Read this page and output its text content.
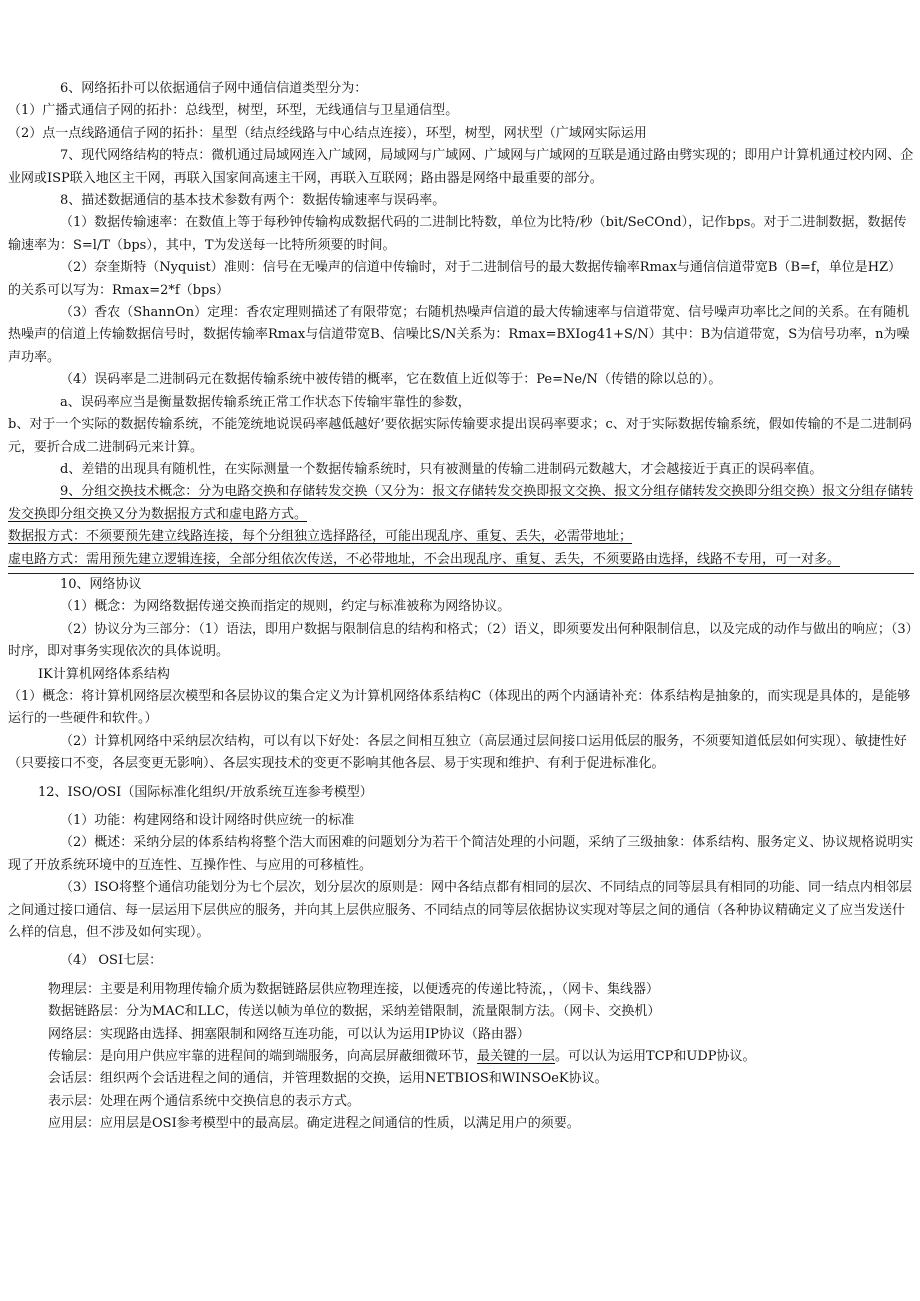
6、网络拓扑可以依据通信子网中通信信道类型分为：

（1）广播式通信子网的拓扑：总线型，树型，环型，无线通信与卫星通信型。

（2）点一点线路通信子网的拓扑：星型（结点经线路与中心结点连接），环型，树型，网状型（广域网实际运用

7、现代网络结构的特点：微机通过局域网连入广域网，局域网与广域网、广域网与广域网的互联是通过路由劈实现的；即用户计算机通过校内网、企业网或ISP联入地区主干网，再联入国家间高速主干网，再联入互联网；路由器是网络中最重要的部分。

8、描述数据通信的基本技术参数有两个：数据传输速率与误码率。

（1）数据传输速率：在数值上等于每秒钟传输构成数据代码的二进制比特数，单位为比特/秒（bit/SeCOnd），记作bps。对于二进制数据，数据传输速率为：S=l/T（bps），其中，T为发送每一比特所须要的时间。

（2）奈奎斯特（Nyquist）准则：信号在无噪声的信道中传输时，对于二进制信号的最大数据传输率Rmax与通信信道带宽B（B=f，单位是HZ）的关系可以写为：Rmax=2*f（bps）

（3）香农（ShannOn）定理：香农定理则描述了有限带宽；右随机热噪声信道的最大传输速率与信道带宽、信号噪声功率比之间的关系。在有随机热噪声的信道上传输数据信号时，数据传输率Rmax与信道带宽B、信噪比S/N关系为：Rmax=BXIog41+S/N）其中：B为信道带宽，S为信号功率，n为噪声功率。

（4）误码率是二进制码元在数据传输系统中被传错的概率，它在数值上近似等于：Pe=Ne/N（传错的除以总的）。

a、误码率应当是衡量数据传输系统正常工作状态下传输牢靠性的参数，

b、对于一个实际的数据传输系统，不能笼统地说误码率越低越好’要依据实际传输要求提出误码率要求；c、对于实际数据传输系统，假如传输的不是二进制码元，要折合成二进制码元来计算。

d、差错的出现具有随机性，在实际测量一个数据传输系统时，只有被测量的传输二进制码元数越大，才会越接近于真正的误码率值。

9、分组交换技术概念：分为电路交换和存储转发交换（又分为：报文存储转发交换即报文交换、报文分组存储转发交换即分组交换）报文分组存储转发交换即分组交换又分为数据报方式和虚电路方式。

数据报方式：不须要预先建立线路连接，每个分组独立选择路径，可能出现乱序、重复、丢失，必需带地址；

虚电路方式：需用预先建立逻辑连接，全部分组依次传送，不必带地址，不会出现乱序、重复、丢失，不须要路由选择，线路不专用，可一对多。

10、网络协议

（1）概念：为网络数据传递交换而指定的规则，约定与标准被称为网络协议。

（2）协议分为三部分：（1）语法，即用户数据与限制信息的结构和格式；（2）语义，即须要发出何种限制信息，以及完成的动作与做出的响应；（3）时序，即对事务实现依次的具体说明。

IK计算机网络体系结构

（1）概念：将计算机网络层次模型和各层协议的集合定义为计算机网络体系结构C（体现出的两个内涵请补充：体系结构是抽象的，而实现是具体的，是能够运行的一些硬件和软件。）

（2）计算机网络中采纳层次结构，可以有以下好处：各层之间相互独立（高层通过层间接口运用低层的服务，不须要知道低层如何实现）、敏捷性好（只要接口不变，各层变更无影响）、各层实现技术的变更不影响其他各层、易于实现和维护、有利于促进标准化。

12、ISO/OSI（国际标准化组织/开放系统互连参考模型）

（1）功能：构建网络和设计网络时供应统一的标准

（2）概述：采纳分层的体系结构将整个浩大而困难的问题划分为若干个简洁处理的小问题，采纳了三级抽象：体系结构、服务定义、协议规格说明实现了开放系统环境中的互连性、互操作性、与应用的可移植性。

（3）ISO将整个通信功能划分为七个层次，划分层次的原则是：网中各结点都有相同的层次、不同结点的同等层具有相同的功能、同一结点内相邻层之间通过接口通信、每一层运用下层供应的服务，并向其上层供应服务、不同结点的同等层依据协议实现对等层之间的通信（各种协议精确定义了应当发送什么样的信息，但不涉及如何实现）。

（4） OSI七层：

物理层：主要是利用物理传输介质为数据链路层供应物理连接，以便透亮的传递比特流，，（网卡、集线器）

数据链路层：分为MAC和LLC，传送以帧为单位的数据，采纳差错限制，流量限制方法。（网卡、交换机）

网络层：实现路由选择、拥塞限制和网络互连功能，可以认为运用IP协议（路由器）

传输层：是向用户供应牢靠的进程间的端到端服务，向高层屏蔽细微环节，最关键的一层。可以认为运用TCP和UDP协议。

会话层：组织两个会话进程之间的通信，并管理数据的交换，运用NETBIOS和WINSOeK协议。

表示层：处理在两个通信系统中交换信息的表示方式。

应用层：应用层是OSI参考模型中的最高层。确定进程之间通信的性质，以满足用户的须要。
